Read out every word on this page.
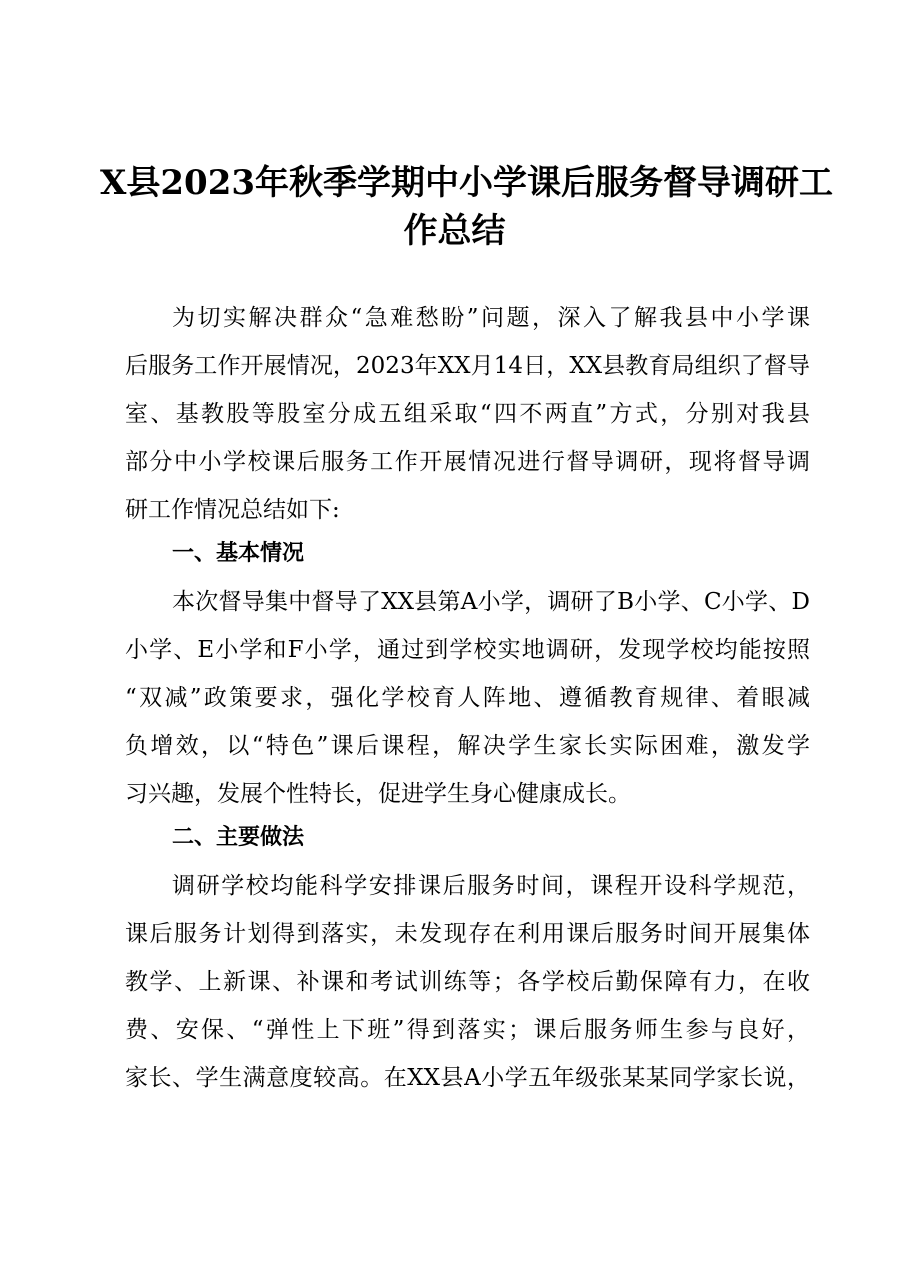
X县2023年秋季学期中小学课后服务督导调研工
作总结
为切实解决群众“急难愁盼”问题，深入了解我县中小学课
后服务工作开展情况，2023年XX月14日，XX县教育局组织了督导
室、基教股等股室分成五组采取“四不两直”方式，分别对我县
部分中小学校课后服务工作开展情况进行督导调研，现将督导调
研工作情况总结如下:
一、基本情况
本次督导集中督导了XX县第A小学，调研了B小学、C小学、D
小学、E小学和F小学，通过到学校实地调研，发现学校均能按照
“双减”政策要求，强化学校育人阵地、遵循教育规律、着眼减
负增效，以“特色”课后课程，解决学生家长实际困难，激发学
习兴趣，发展个性特长，促进学生身心健康成长。
二、主要做法
调研学校均能科学安排课后服务时间，课程开设科学规范，
课后服务计划得到落实，未发现存在利用课后服务时间开展集体
教学、上新课、补课和考试训练等；各学校后勤保障有力，在收
费、安保、“弹性上下班”得到落实；课后服务师生参与良好，
家长、学生满意度较高。在XX县A小学五年级张某某同学家长说，
